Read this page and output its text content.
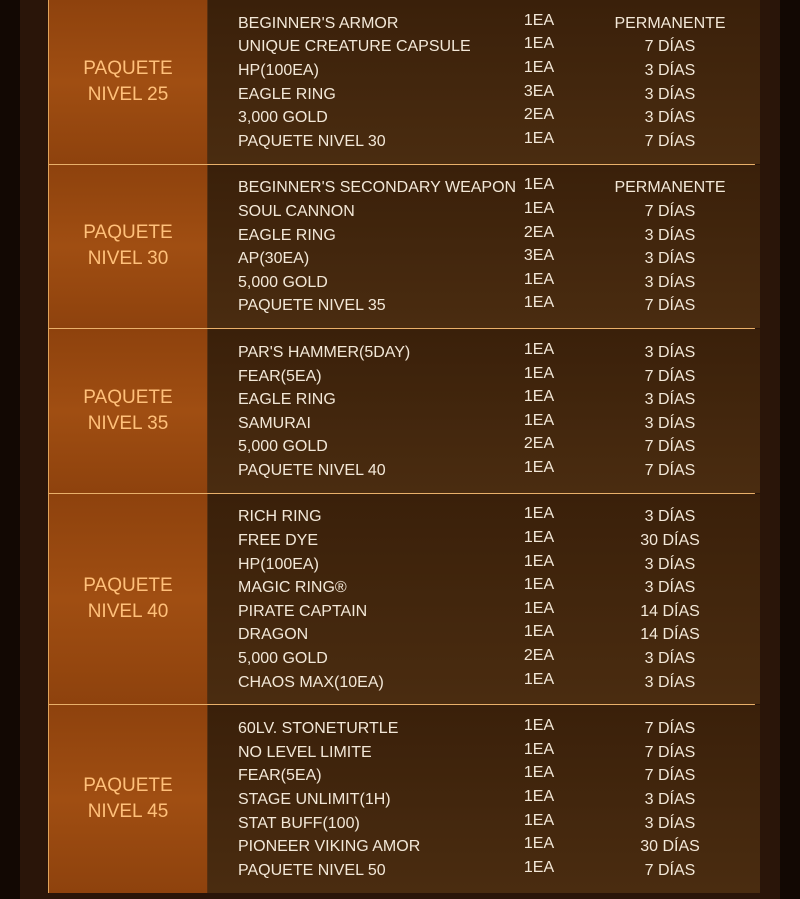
PAQUETE
NIVEL 25
BEGINNER'S ARMOR	1EA	PERMANENTE
UNIQUE CREATURE CAPSULE	1EA	7 DÍAS
HP(100EA)	1EA	3 DÍAS
EAGLE RING	3EA	3 DÍAS
3,000 GOLD	2EA	3 DÍAS
PAQUETE NIVEL 30	1EA	7 DÍAS
PAQUETE
NIVEL 30
BEGINNER'S SECONDARY WEAPON 1EA	PERMANENTE
SOUL CANNON	1EA	7 DÍAS
EAGLE RING	2EA	3 DÍAS
AP(30EA)	3EA	3 DÍAS
5,000 GOLD	1EA	3 DÍAS
PAQUETE NIVEL 35	1EA	7 DÍAS
PAQUETE
NIVEL 35
PAR'S HAMMER(5DAY)	1EA	3 DÍAS
FEAR(5EA)	1EA	7 DÍAS
EAGLE RING	1EA	3 DÍAS
SAMURAI	1EA	3 DÍAS
5,000 GOLD	2EA	7 DÍAS
PAQUETE NIVEL 40	1EA	7 DÍAS
PAQUETE
NIVEL 40
RICH RING	1EA	3 DÍAS
FREE DYE	1EA	30 DÍAS
HP(100EA)	1EA	3 DÍAS
MAGIC RING®	1EA	3 DÍAS
PIRATE CAPTAIN	1EA	14 DÍAS
DRAGON	1EA	14 DÍAS
5,000 GOLD	2EA	3 DÍAS
CHAOS MAX(10EA)	1EA	3 DÍAS
PAQUETE
NIVEL 45
60LV. STONETURTLE	1EA	7 DÍAS
NO LEVEL LIMITE	1EA	7 DÍAS
FEAR(5EA)	1EA	7 DÍAS
STAGE UNLIMIT(1H)	1EA	3 DÍAS
STAT BUFF(100)	1EA	3 DÍAS
PIONEER VIKING AMOR	1EA	30 DÍAS
PAQUETE NIVEL 50	1EA	7 DÍAS
